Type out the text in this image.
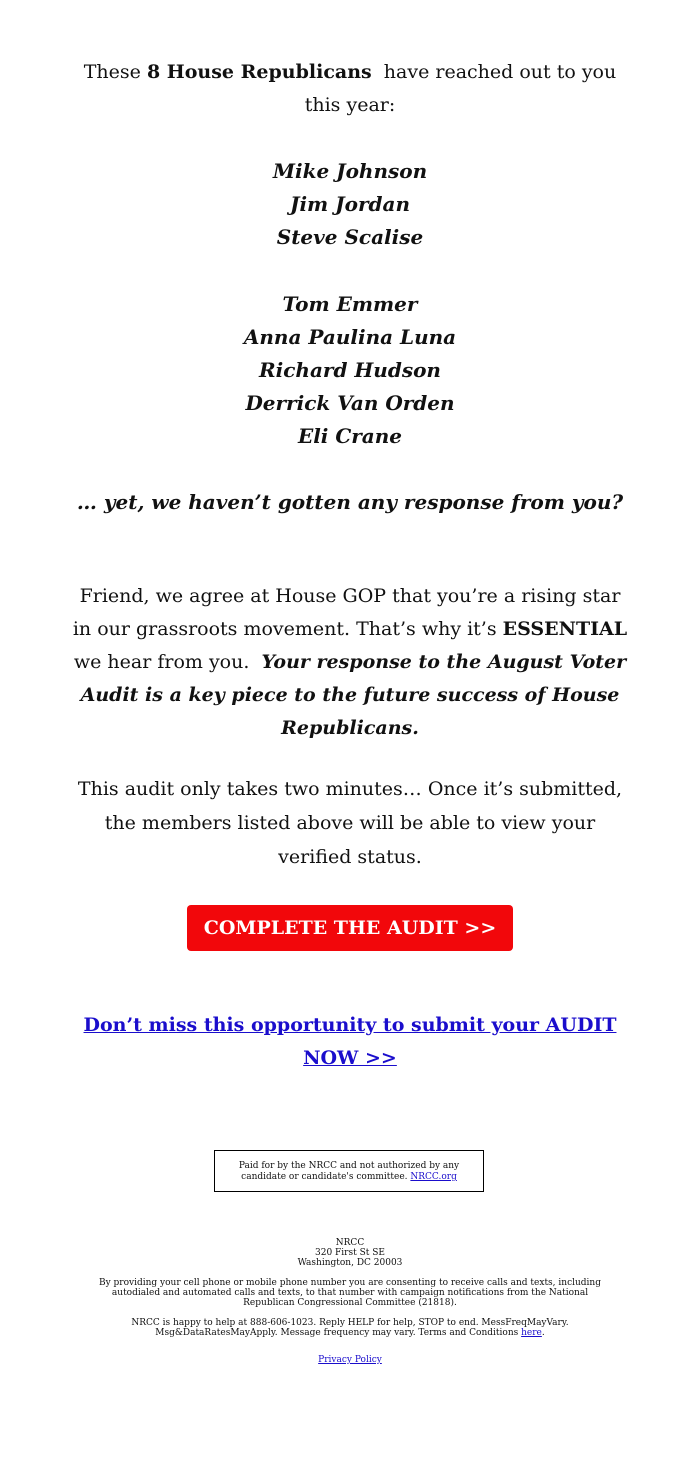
These 8 House Republicans  have reached out to you this year:
Mike Johnson
Jim Jordan
Steve Scalise
Tom Emmer
Anna Paulina Luna
Richard Hudson
Derrick Van Orden
Eli Crane
… yet, we haven’t gotten any response from you?
Friend, we agree at House GOP that you’re a rising star in our grassroots movement. That’s why it’s ESSENTIAL we hear from you.  Your response to the August Voter Audit is a key piece to the future success of House Republicans.
This audit only takes two minutes… Once it’s submitted, the members listed above will be able to view your verified status.
COMPLETE THE AUDIT >>
Don’t miss this opportunity to submit your AUDIT NOW >>
Paid for by the NRCC and not authorized by any candidate or candidate's committee. NRCC.org
NRCC
320 First St SE
Washington, DC 20003
By providing your cell phone or mobile phone number you are consenting to receive calls and texts, including autodialed and automated calls and texts, to that number with campaign notifications from the National Republican Congressional Committee (21818).
NRCC is happy to help at 888-606-1023. Reply HELP for help, STOP to end. MessFreqMayVary. Msg&DataRatesMayApply. Message frequency may vary. Terms and Conditions here.
Privacy Policy
